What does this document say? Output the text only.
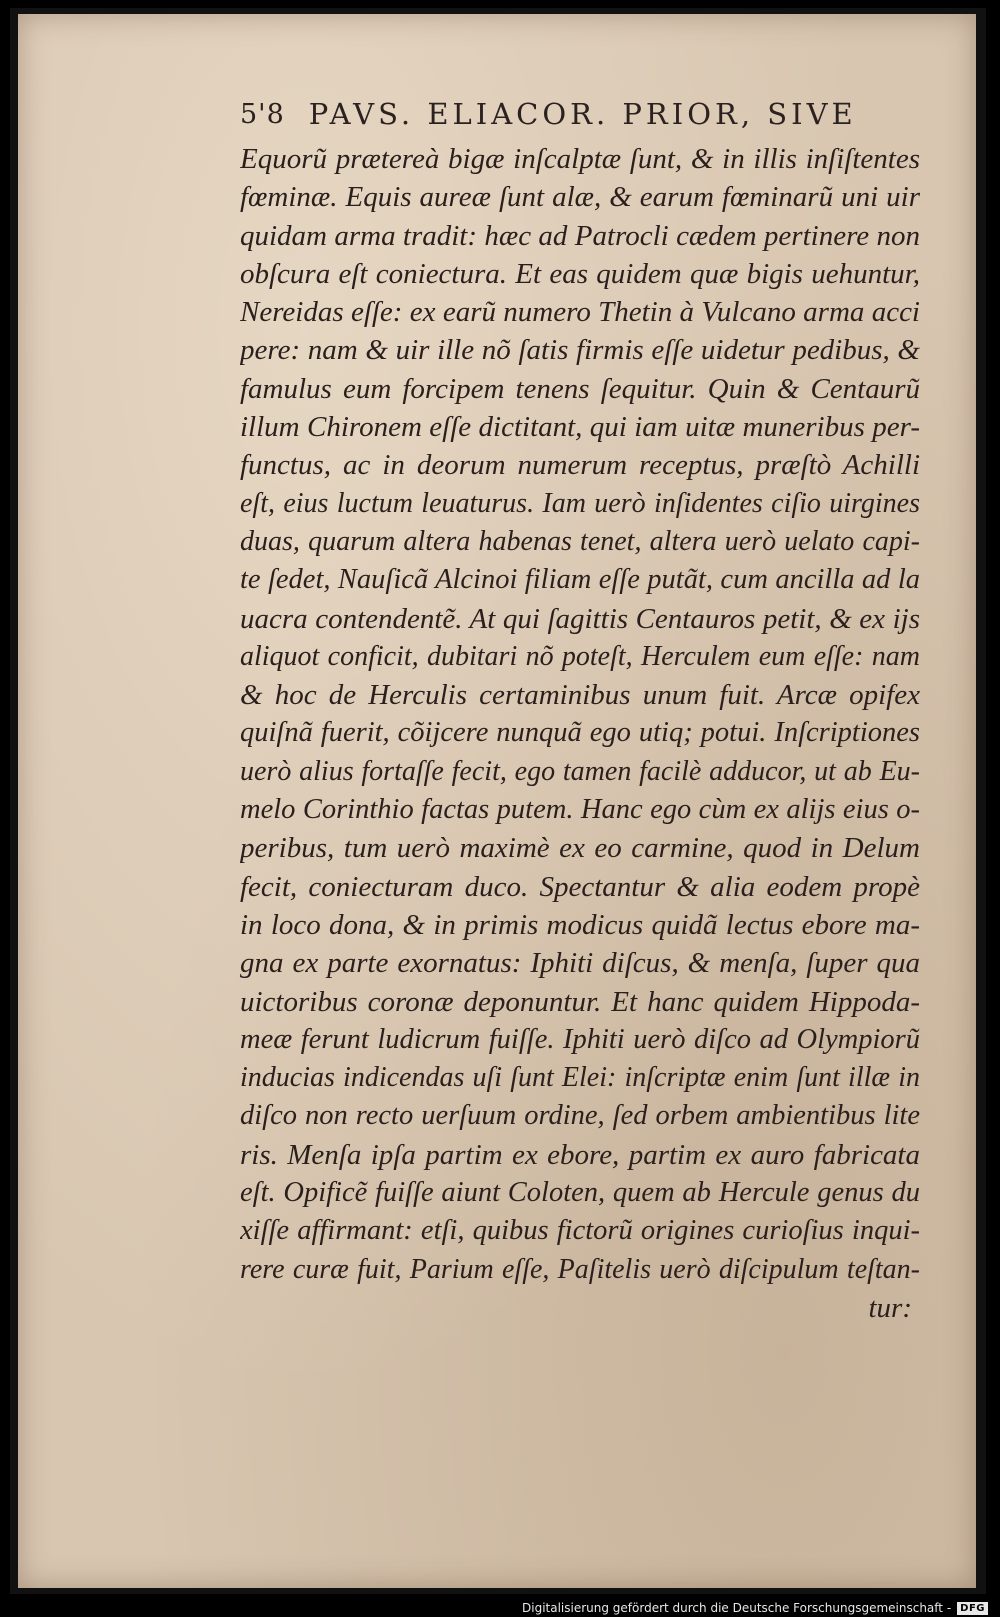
5'8 PAVS. ELIACOR. PRIOR, SIVE
Equorũ prætereà bigæ inſcalptæ ſunt, & in illis inſiſtentes
fœminæ. Equis aureæ ſunt alæ, & earum fœminarũ uni uir
quidam arma tradit: hæc ad Patrocli cædem pertinere non
obſcura eſt coniectura. Et eas quidem quæ bigis uehuntur,
Nereidas eſſe: ex earũ numero Thetin à Vulcano arma acci
pere: nam & uir ille nõ ſatis firmis eſſe uidetur pedibus, &
famulus eum forcipem tenens ſequitur. Quin & Centaurũ
illum Chironem eſſe dictitant, qui iam uitæ muneribus per-
functus, ac in deorum numerum receptus, præſtò Achilli
eſt, eius luctum leuaturus. Iam uerò inſidentes ciſio uirgines
duas, quarum altera habenas tenet, altera uerò uelato capi-
te ſedet, Nauſicã Alcinoi filiam eſſe putãt, cum ancilla ad la
uacra contendentẽ. At qui ſagittis Centauros petit, & ex ijs
aliquot conficit, dubitari nõ poteſt, Herculem eum eſſe: nam
& hoc de Herculis certaminibus unum fuit. Arcæ opifex
quiſnã fuerit, cõijcere nunquã ego utiq; potui. Inſcriptiones
uerò alius fortaſſe fecit, ego tamen facilè adducor, ut ab Eu-
melo Corinthio factas putem. Hanc ego cùm ex alijs eius o-
peribus, tum uerò maximè ex eo carmine, quod in Delum
fecit, coniecturam duco. Spectantur & alia eodem propè
in loco dona, & in primis modicus quidã lectus ebore ma-
gna ex parte exornatus: Iphiti diſcus, & menſa, ſuper qua
uictoribus coronæ deponuntur. Et hanc quidem Hippoda-
meæ ferunt ludicrum fuiſſe. Iphiti uerò diſco ad Olympiorũ
inducias indicendas uſi ſunt Elei: inſcriptæ enim ſunt illæ in
diſco non recto uerſuum ordine, ſed orbem ambientibus lite
ris. Menſa ipſa partim ex ebore, partim ex auro fabricata
eſt. Opificẽ fuiſſe aiunt Coloten, quem ab Hercule genus du
xiſſe affirmant: etſi, quibus fictorũ origines curioſius inqui-
rere curæ fuit, Parium eſſe, Paſitelis uerò diſcipulum teſtan-
tur:
Digitalisierung gefördert durch die Deutsche Forschungsgemeinschaft - DFG
